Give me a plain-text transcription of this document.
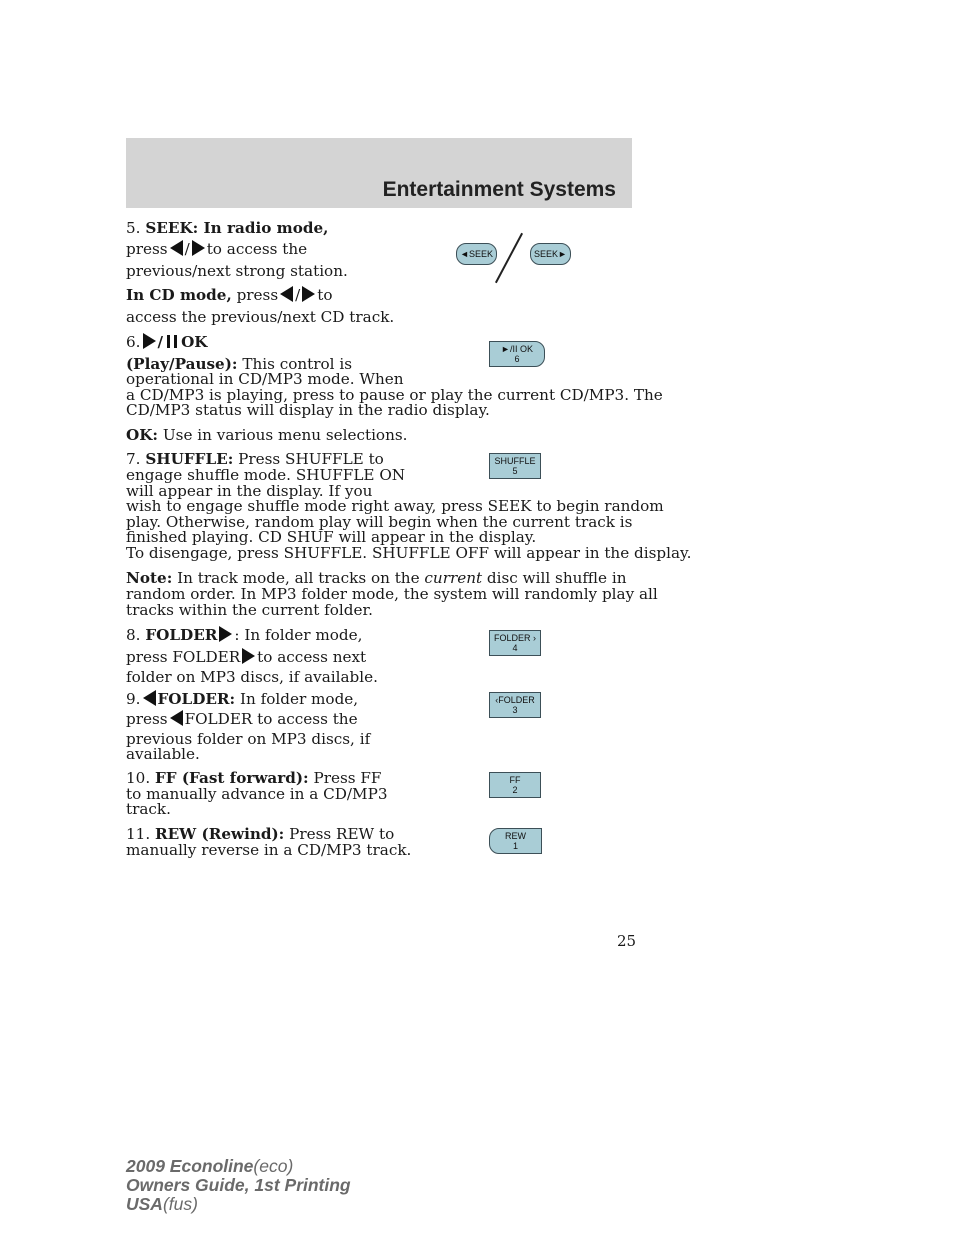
Entertainment Systems
5. SEEK: In radio mode,
press / to access the
previous/next strong station.
In CD mode, press / to
access the previous/next CD track.
◄SEEK	SEEK►
6. / OK
(Play/Pause): This control is
operational in CD/MP3 mode. When
a CD/MP3 is playing, press to pause or play the current CD/MP3. The
CD/MP3 status will display in the radio display.
OK: Use in various menu selections.
►/II OK
6
7. SHUFFLE: Press SHUFFLE to
engage shuffle mode. SHUFFLE ON
will appear in the display. If you
wish to engage shuffle mode right away, press SEEK to begin random
play. Otherwise, random play will begin when the current track is
finished playing. CD SHUF will appear in the display.
To disengage, press SHUFFLE. SHUFFLE OFF will appear in the display.
SHUFFLE
5
Note: In track mode, all tracks on the current disc will shuffle in
random order. In MP3 folder mode, the system will randomly play all
tracks within the current folder.
8. FOLDER : In folder mode,
press FOLDER to access next
folder on MP3 discs, if available.
FOLDER ›
4
9. FOLDER: In folder mode,
press FOLDER to access the
previous folder on MP3 discs, if
available.
‹FOLDER
3
10. FF (Fast forward): Press FF
to manually advance in a CD/MP3
track.
FF
2
11. REW (Rewind): Press REW to
manually reverse in a CD/MP3 track.
REW
1
25
2009 Econoline(eco)
Owners Guide, 1st Printing
USA(fus)
